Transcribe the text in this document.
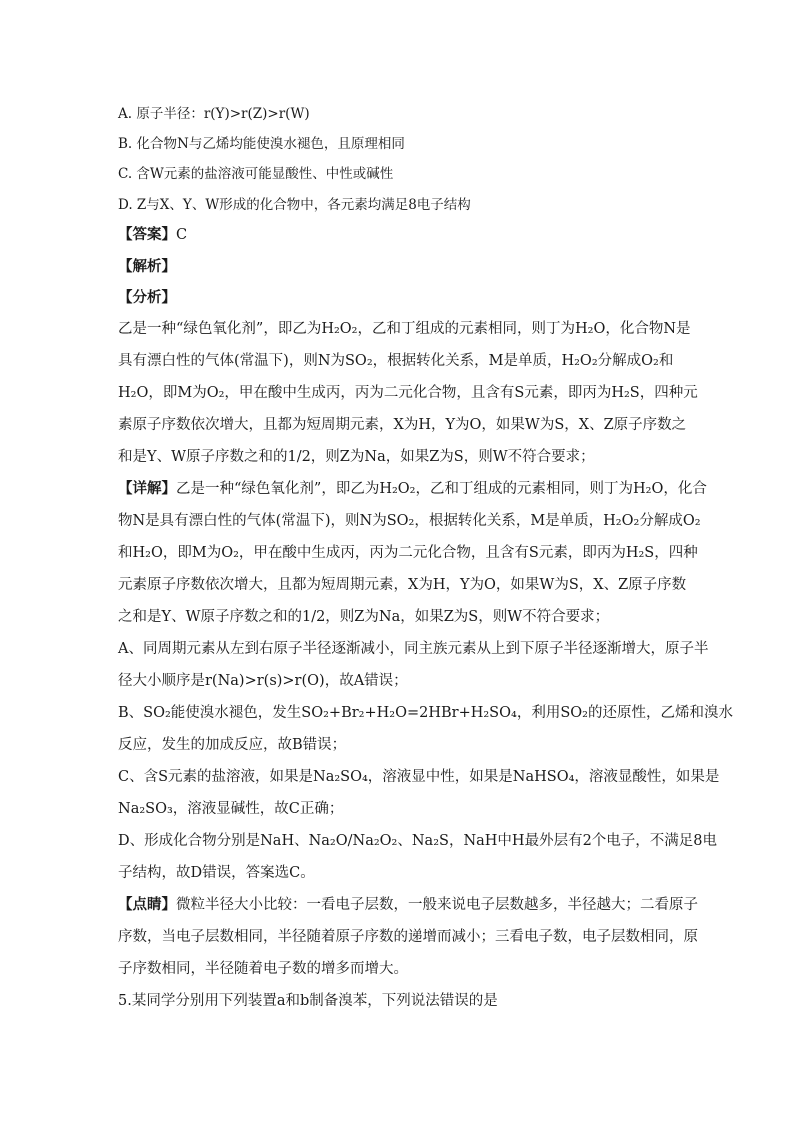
A. 原子半径：r(Y)>r(Z)>r(W)
B. 化合物N与乙烯均能使溴水褪色，且原理相同
C. 含W元素的盐溶液可能显酸性、中性或碱性
D. Z与X、Y、W形成的化合物中，各元素均满足8电子结构
【答案】C
【解析】
【分析】
乙是一种“绿色氧化剂”，即乙为H₂O₂，乙和丁组成的元素相同，则丁为H₂O，化合物N是
具有漂白性的气体(常温下)，则N为SO₂，根据转化关系，M是单质，H₂O₂分解成O₂和
H₂O，即M为O₂，甲在酸中生成丙，丙为二元化合物，且含有S元素，即丙为H₂S，四种元
素原子序数依次增大，且都为短周期元素，X为H，Y为O，如果W为S，X、Z原子序数之
和是Y、W原子序数之和的1/2，则Z为Na，如果Z为S，则W不符合要求；
【详解】乙是一种“绿色氧化剂”，即乙为H₂O₂，乙和丁组成的元素相同，则丁为H₂O，化合
物N是具有漂白性的气体(常温下)，则N为SO₂，根据转化关系，M是单质，H₂O₂分解成O₂
和H₂O，即M为O₂，甲在酸中生成丙，丙为二元化合物，且含有S元素，即丙为H₂S，四种
元素原子序数依次增大，且都为短周期元素，X为H，Y为O，如果W为S，X、Z原子序数
之和是Y、W原子序数之和的1/2，则Z为Na，如果Z为S，则W不符合要求；
A、同周期元素从左到右原子半径逐渐减小，同主族元素从上到下原子半径逐渐增大，原子半
径大小顺序是r(Na)>r(s)>r(O)，故A错误；
B、SO₂能使溴水褪色，发生SO₂+Br₂+H₂O=2HBr+H₂SO₄，利用SO₂的还原性，乙烯和溴水
反应，发生的加成反应，故B错误；
C、含S元素的盐溶液，如果是Na₂SO₄，溶液显中性，如果是NaHSO₄，溶液显酸性，如果是
Na₂SO₃，溶液显碱性，故C正确；
D、形成化合物分别是NaH、Na₂O/Na₂O₂、Na₂S，NaH中H最外层有2个电子，不满足8电
子结构，故D错误，答案选C。
【点睛】微粒半径大小比较：一看电子层数，一般来说电子层数越多，半径越大；二看原子
序数，当电子层数相同，半径随着原子序数的递增而减小；三看电子数，电子层数相同，原
子序数相同，半径随着电子数的增多而增大。
5.某同学分别用下列装置a和b制备溴苯，下列说法错误的是
